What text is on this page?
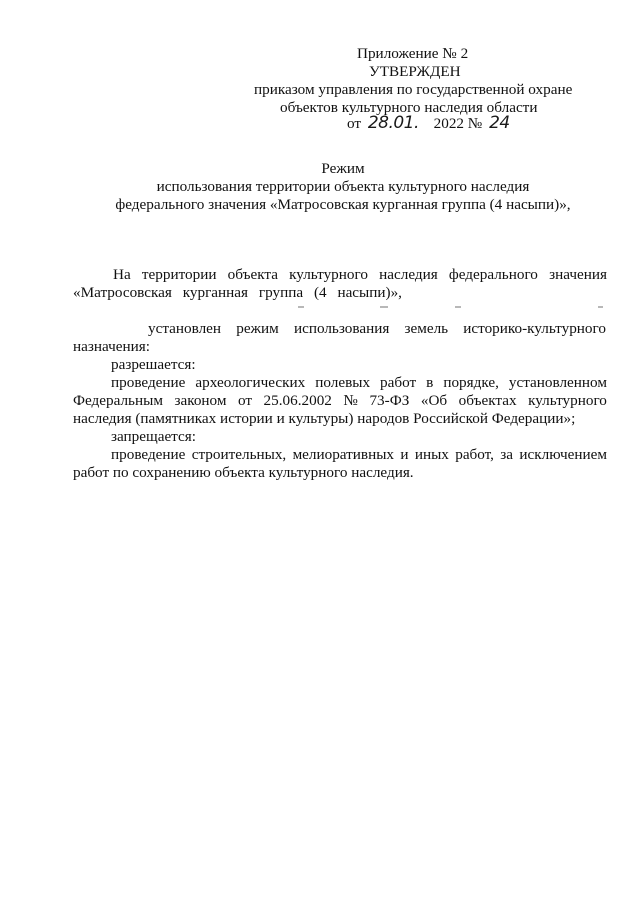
Приложение № 2
УТВЕРЖДЕН
приказом управления по государственной охране
объектов культурного наследия области
от 28.01. 2022 № 24
Режим
использования территории объекта культурного наследия
федерального значения «Матросовская курганная группа (4 насыпи)»,
На территории объекта культурного наследия федерального значения
«Матросовская курганная группа (4 насыпи)»,
установлен режим использования земель историко-культурного
назначения:
разрешается:
проведение археологических полевых работ в порядке, установленном
Федеральным законом от 25.06.2002 № 73-ФЗ «Об объектах культурного
наследия (памятниках истории и культуры) народов Российской Федерации»;
запрещается:
проведение строительных, мелиоративных и иных работ, за исключением
работ по сохранению объекта культурного наследия.
